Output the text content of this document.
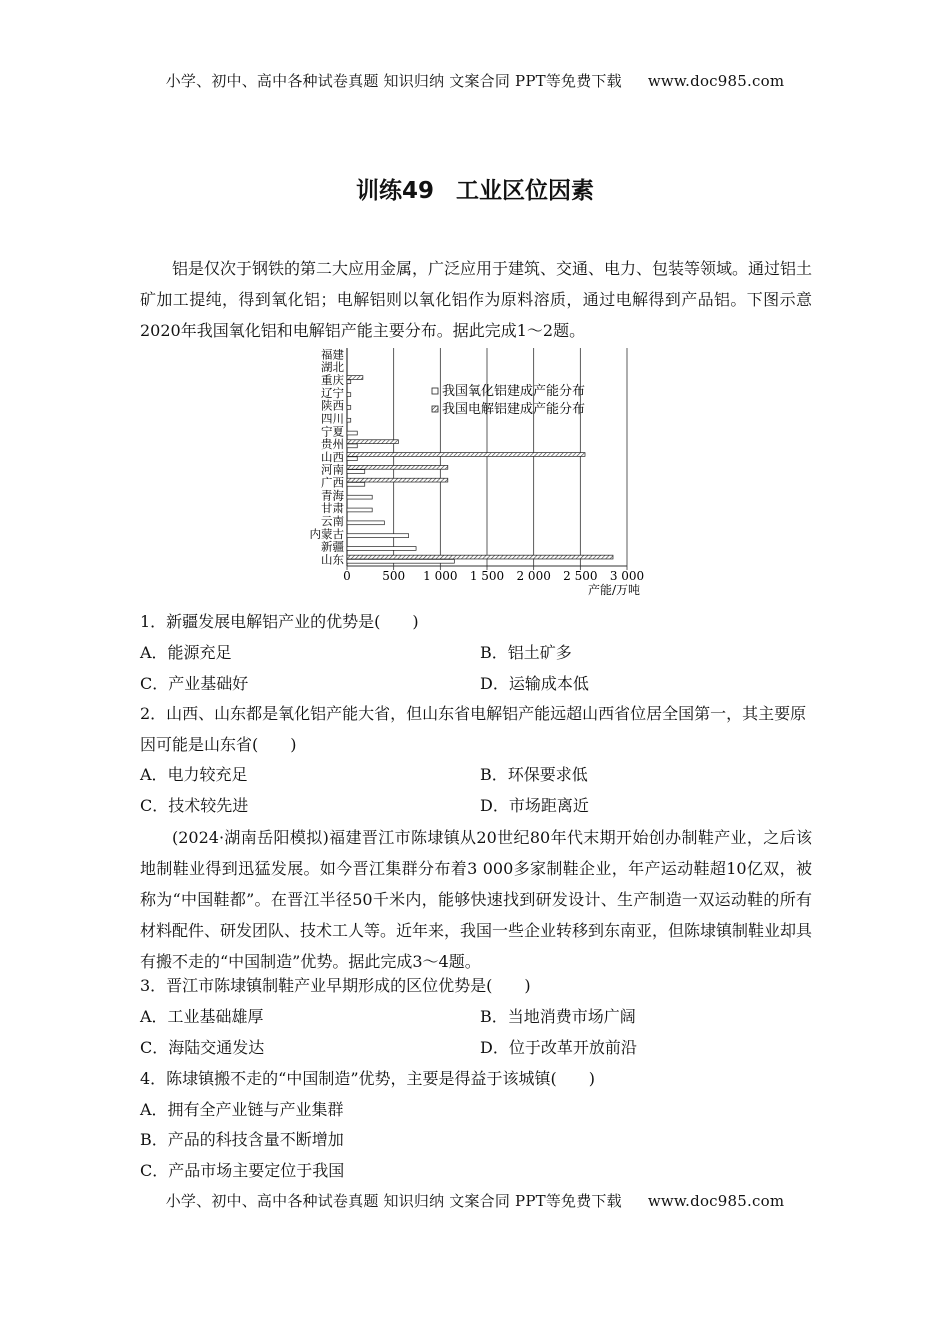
小学、初中、高中各种试卷真题 知识归纳 文案合同 PPT等免费下载 www.doc985.com
训练49 工业区位因素

铝是仅次于钢铁的第二大应用金属，广泛应用于建筑、交通、电力、包装等领域。通过铝土矿加工提纯，得到氧化铝；电解铝则以氧化铝作为原料溶质，通过电解得到产品铝。下图示意2020年我国氧化铝和电解铝产能主要分布。据此完成1～2题。

福建
湖北
重庆
辽宁
陕西
四川
宁夏
贵州
山西
河南
广西
青海
甘肃
云南
内蒙古
新疆
山东
0	500 1 000 1 500 2 000 2 500 3 000
我国氧化铝建成产能分布
我国电解铝建成产能分布
产能/万吨

1．新疆发展电解铝产业的优势是(　　)

A．能源充足	B．铝土矿多
C．产业基础好	D．运输成本低

2．山西、山东都是氧化铝产能大省，但山东省电解铝产能远超山西省位居全国第一，其主要原因可能是山东省(　　)

A．电力较充足	B．环保要求低
C．技术较先进	D．市场距离近

(2024·湖南岳阳模拟)福建晋江市陈埭镇从20世纪80年代末期开始创办制鞋产业，之后该地制鞋业得到迅猛发展。如今晋江集群分布着3 000多家制鞋企业，年产运动鞋超10亿双，被称为“中国鞋都”。在晋江半径50千米内，能够快速找到研发设计、生产制造一双运动鞋的所有材料配件、研发团队、技术工人等。近年来，我国一些企业转移到东南亚，但陈埭镇制鞋业却具有搬不走的“中国制造”优势。据此完成3～4题。

3．晋江市陈埭镇制鞋产业早期形成的区位优势是(　　)

A．工业基础雄厚	B．当地消费市场广阔
C．海陆交通发达	D．位于改革开放前沿

4．陈埭镇搬不走的“中国制造”优势，主要是得益于该城镇(　　)

A．拥有全产业链与产业集群
B．产品的科技含量不断增加
C．产品市场主要定位于我国
小学、初中、高中各种试卷真题 知识归纳 文案合同 PPT等免费下载 www.doc985.com
